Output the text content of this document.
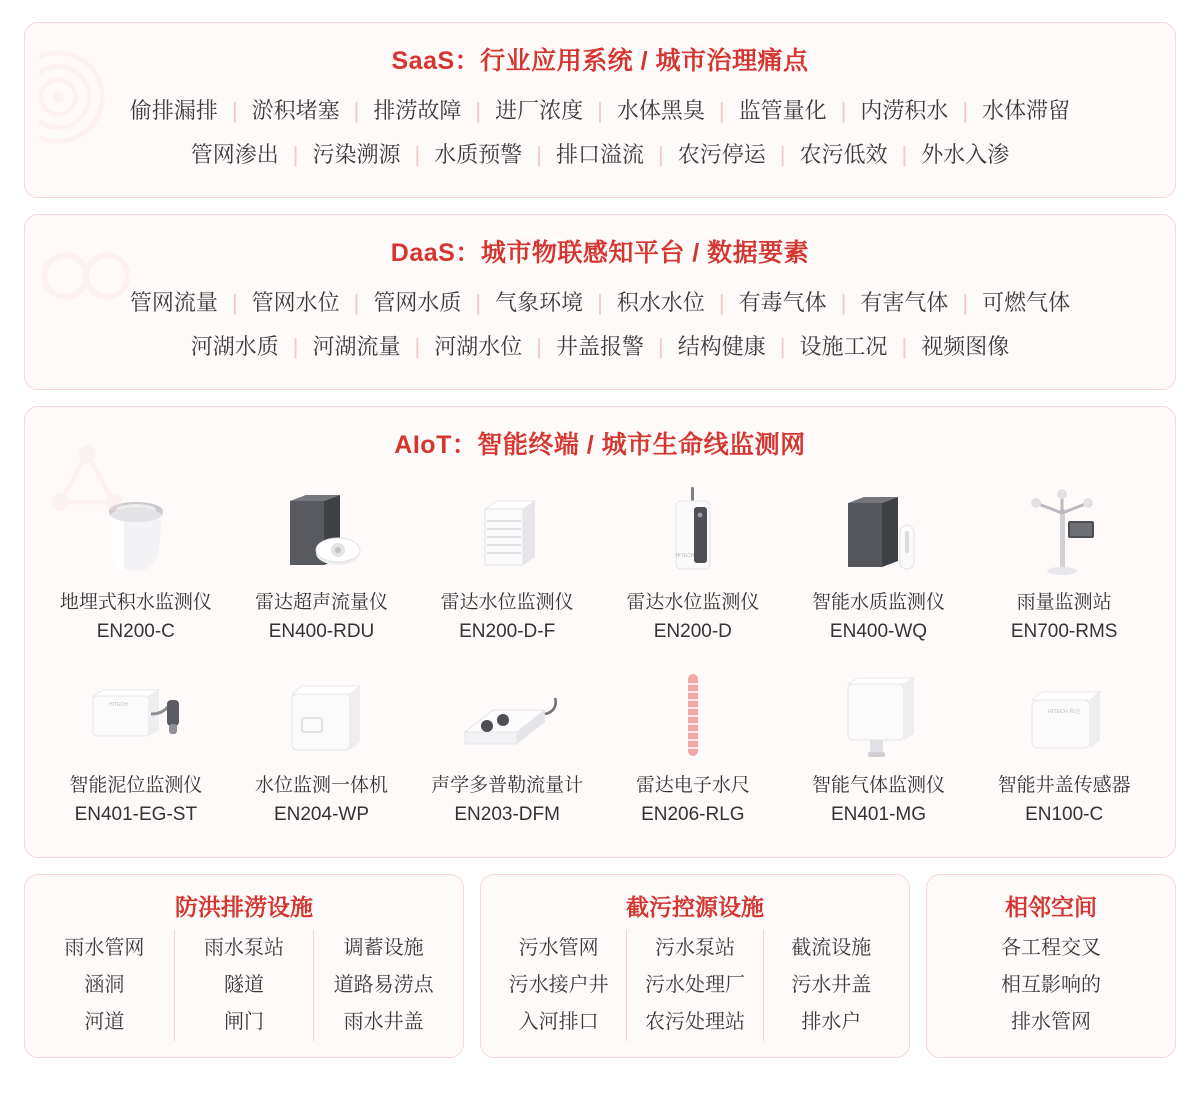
SaaS：行业应用系统 / 城市治理痛点
偷排漏排 | 淤积堵塞 | 排涝故障 | 进厂浓度 | 水体黑臭 | 监管量化 | 内涝积水 | 水体滞留
管网渗出 | 污染溯源 | 水质预警 | 排口溢流 | 农污停运 | 农污低效 | 外水入渗
DaaS：城市物联感知平台 / 数据要素
管网流量 | 管网水位 | 管网水质 | 气象环境 | 积水水位 | 有毒气体 | 有害气体 | 可燃气体
河湖水质 | 河湖流量 | 河湖水位 | 井盖报警 | 结构健康 | 设施工况 | 视频图像
AIoT：智能终端 / 城市生命线监测网
地埋式积水监测仪
EN200-C
雷达超声流量仪
EN400-RDU
雷达水位监测仪
EN200-D-F
HITECH
雷达水位监测仪
EN200-D
智能水质监测仪
EN400-WQ
雨量监测站
EN700-RMS
HITECH
智能泥位监测仪
EN401-EG-ST
水位监测一体机
EN204-WP
声学多普勒流量计
EN203-DFM
雷达电子水尺
EN206-RLG
智能气体监测仪
EN401-MG
HITECH 和达
智能井盖传感器
EN100-C
防洪排涝设施
雨水管网
涵洞
河道
雨水泵站
隧道
闸门
调蓄设施
道路易涝点
雨水井盖
截污控源设施
污水管网
污水接户井
入河排口
污水泵站
污水处理厂
农污处理站
截流设施
污水井盖
排水户
相邻空间
各工程交叉
相互影响的
排水管网
